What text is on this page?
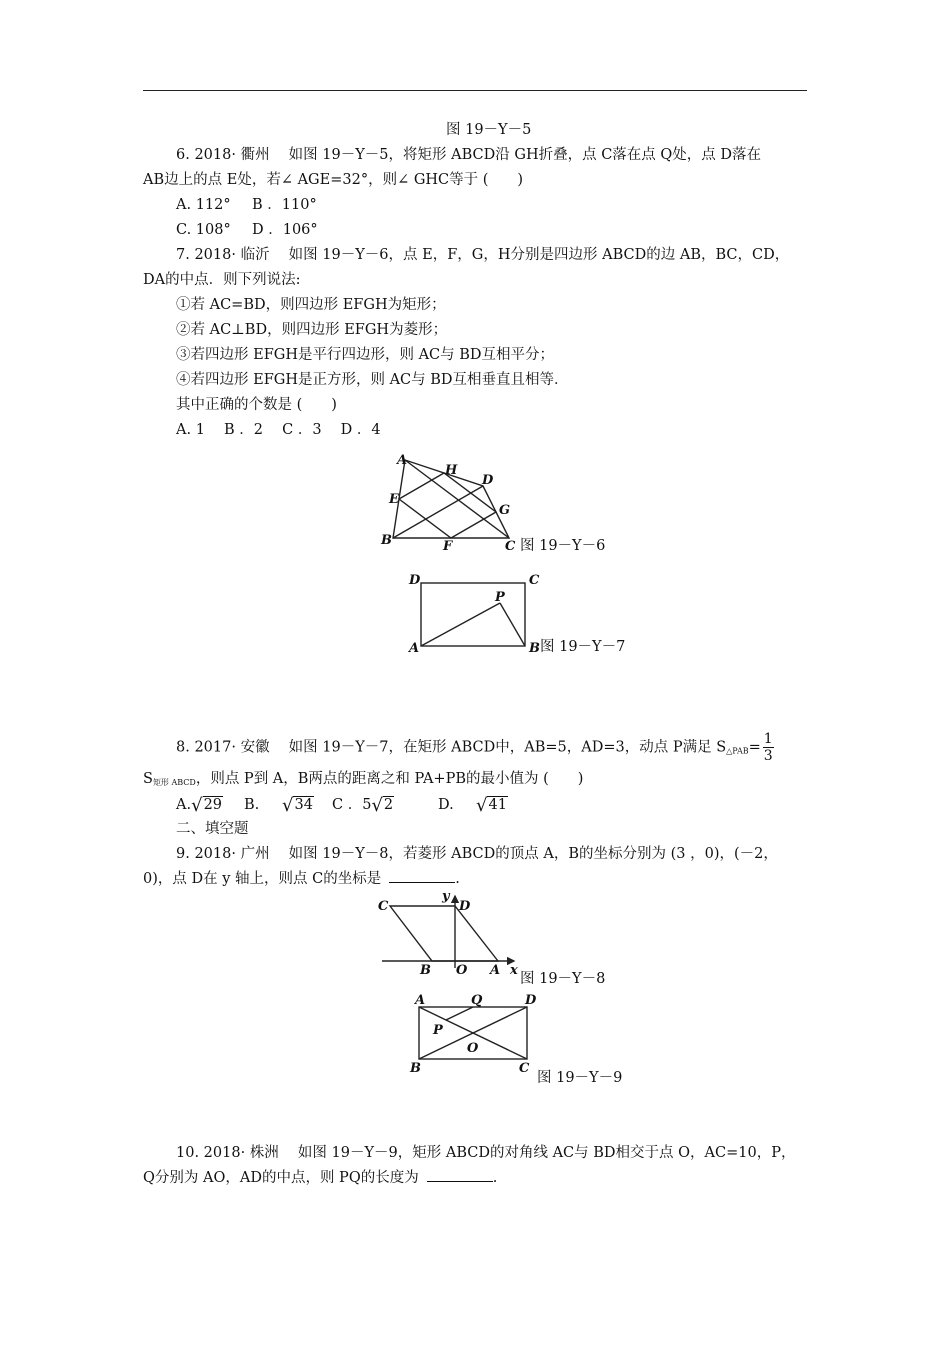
图 19－Y－5
6. 2018· 衢州　 如图 19－Y－5，将矩形 ABCD沿 GH折叠，点 C落在点 Q处，点 D落在
AB边上的点 E处，若∠ AGE=32°，则∠ GHC等于 (　　)
A. 112° B ．110°
C. 108° D ．106°
7. 2018· 临沂　 如图 19－Y－6，点 E，F，G，H分别是四边形 ABCD的边 AB，BC，CD，
DA的中点．则下列说法:
①若 AC=BD，则四边形 EFGH为矩形；
②若 AC⊥BD，则四边形 EFGH为菱形；
③若四边形 EFGH是平行四边形，则 AC与 BD互相平分；
④若四边形 EFGH是正方形，则 AC与 BD互相垂直且相等．
其中正确的个数是 (　　)
A. 1　 B ．2　 C ．3　 D ．4
A
H
D
E
G
B	F	C 图 19－Y－6
D	C
P
A	B 图 19－Y－7
8. 2017· 安徽　 如图 19－Y－7，在矩形 ABCD中，AB=5，AD=3，动点 P满足 $S_{\triangle PAB}= \frac{1}{3}$
$S_{矩形 ABCD}$，则点 P到 A，B两点的距离之和 PA+PB的最小值为 (　　)
A.√29 B. √34 C ．5√2	D. √41
二、填空题
9. 2018· 广州　 如图 19－Y－8，若菱形 ABCD的顶点 A，B的坐标分别为 (3 ，0)，(－2，
0)，点 D在 y 轴上，则点 C的坐标是	.
C	D
y
B O A x
图 19－Y－8
A	Q	D
P
O
B	C
图 19－Y－9
10. 2018· 株洲　 如图 19－Y－9，矩形 ABCD的对角线 AC与 BD相交于点 O，AC=10，P，
Q分别为 AO，AD的中点，则 PQ的长度为	.
